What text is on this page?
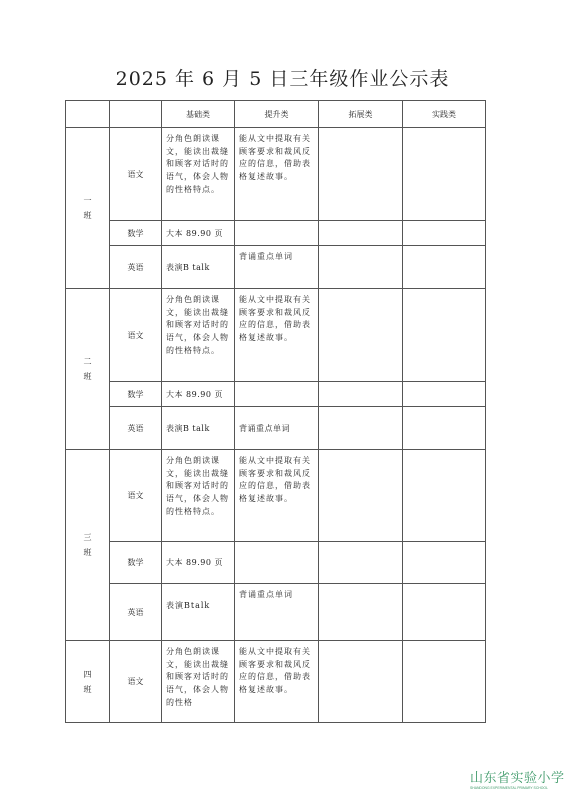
2025 年 6 月 5 日三年级作业公示表
		基础类	提升类	拓展类	实践类

一
班	语文	分角色朗读课文，能读出裁缝和顾客对话时的语气，体会人物的性格特点。	能从文中提取有关顾客要求和裁风反应的信息，借助表格复述故事。		
	数学	大本 89.90 页			
	英语	表演B talk	背诵重点单词		

二
班	语文	分角色朗读课文，能读出裁缝和顾客对话时的语气，体会人物的性格特点。	能从文中提取有关顾客要求和裁风反应的信息，借助表格复述故事。		
	数学	大本 89.90 页			
	英语	表演B talk	背诵重点单词		

三
班	语文	分角色朗读课文，能读出裁缝和顾客对话时的语气，体会人物的性格特点。	能从文中提取有关顾客要求和裁风反应的信息，借助表格复述故事。		
	数学	大本 89.90 页			
	英语	表演Btalk	背诵重点单词		

四
班	语文	分角色朗读课文，能读出裁缝和顾客对话时的语气，体会人物的性格	能从文中提取有关顾客要求和裁风反应的信息，借助表格复述故事。		
山东省实验小学
SHANDONG EXPERIMENTAL PRIMARY SCHOOL
